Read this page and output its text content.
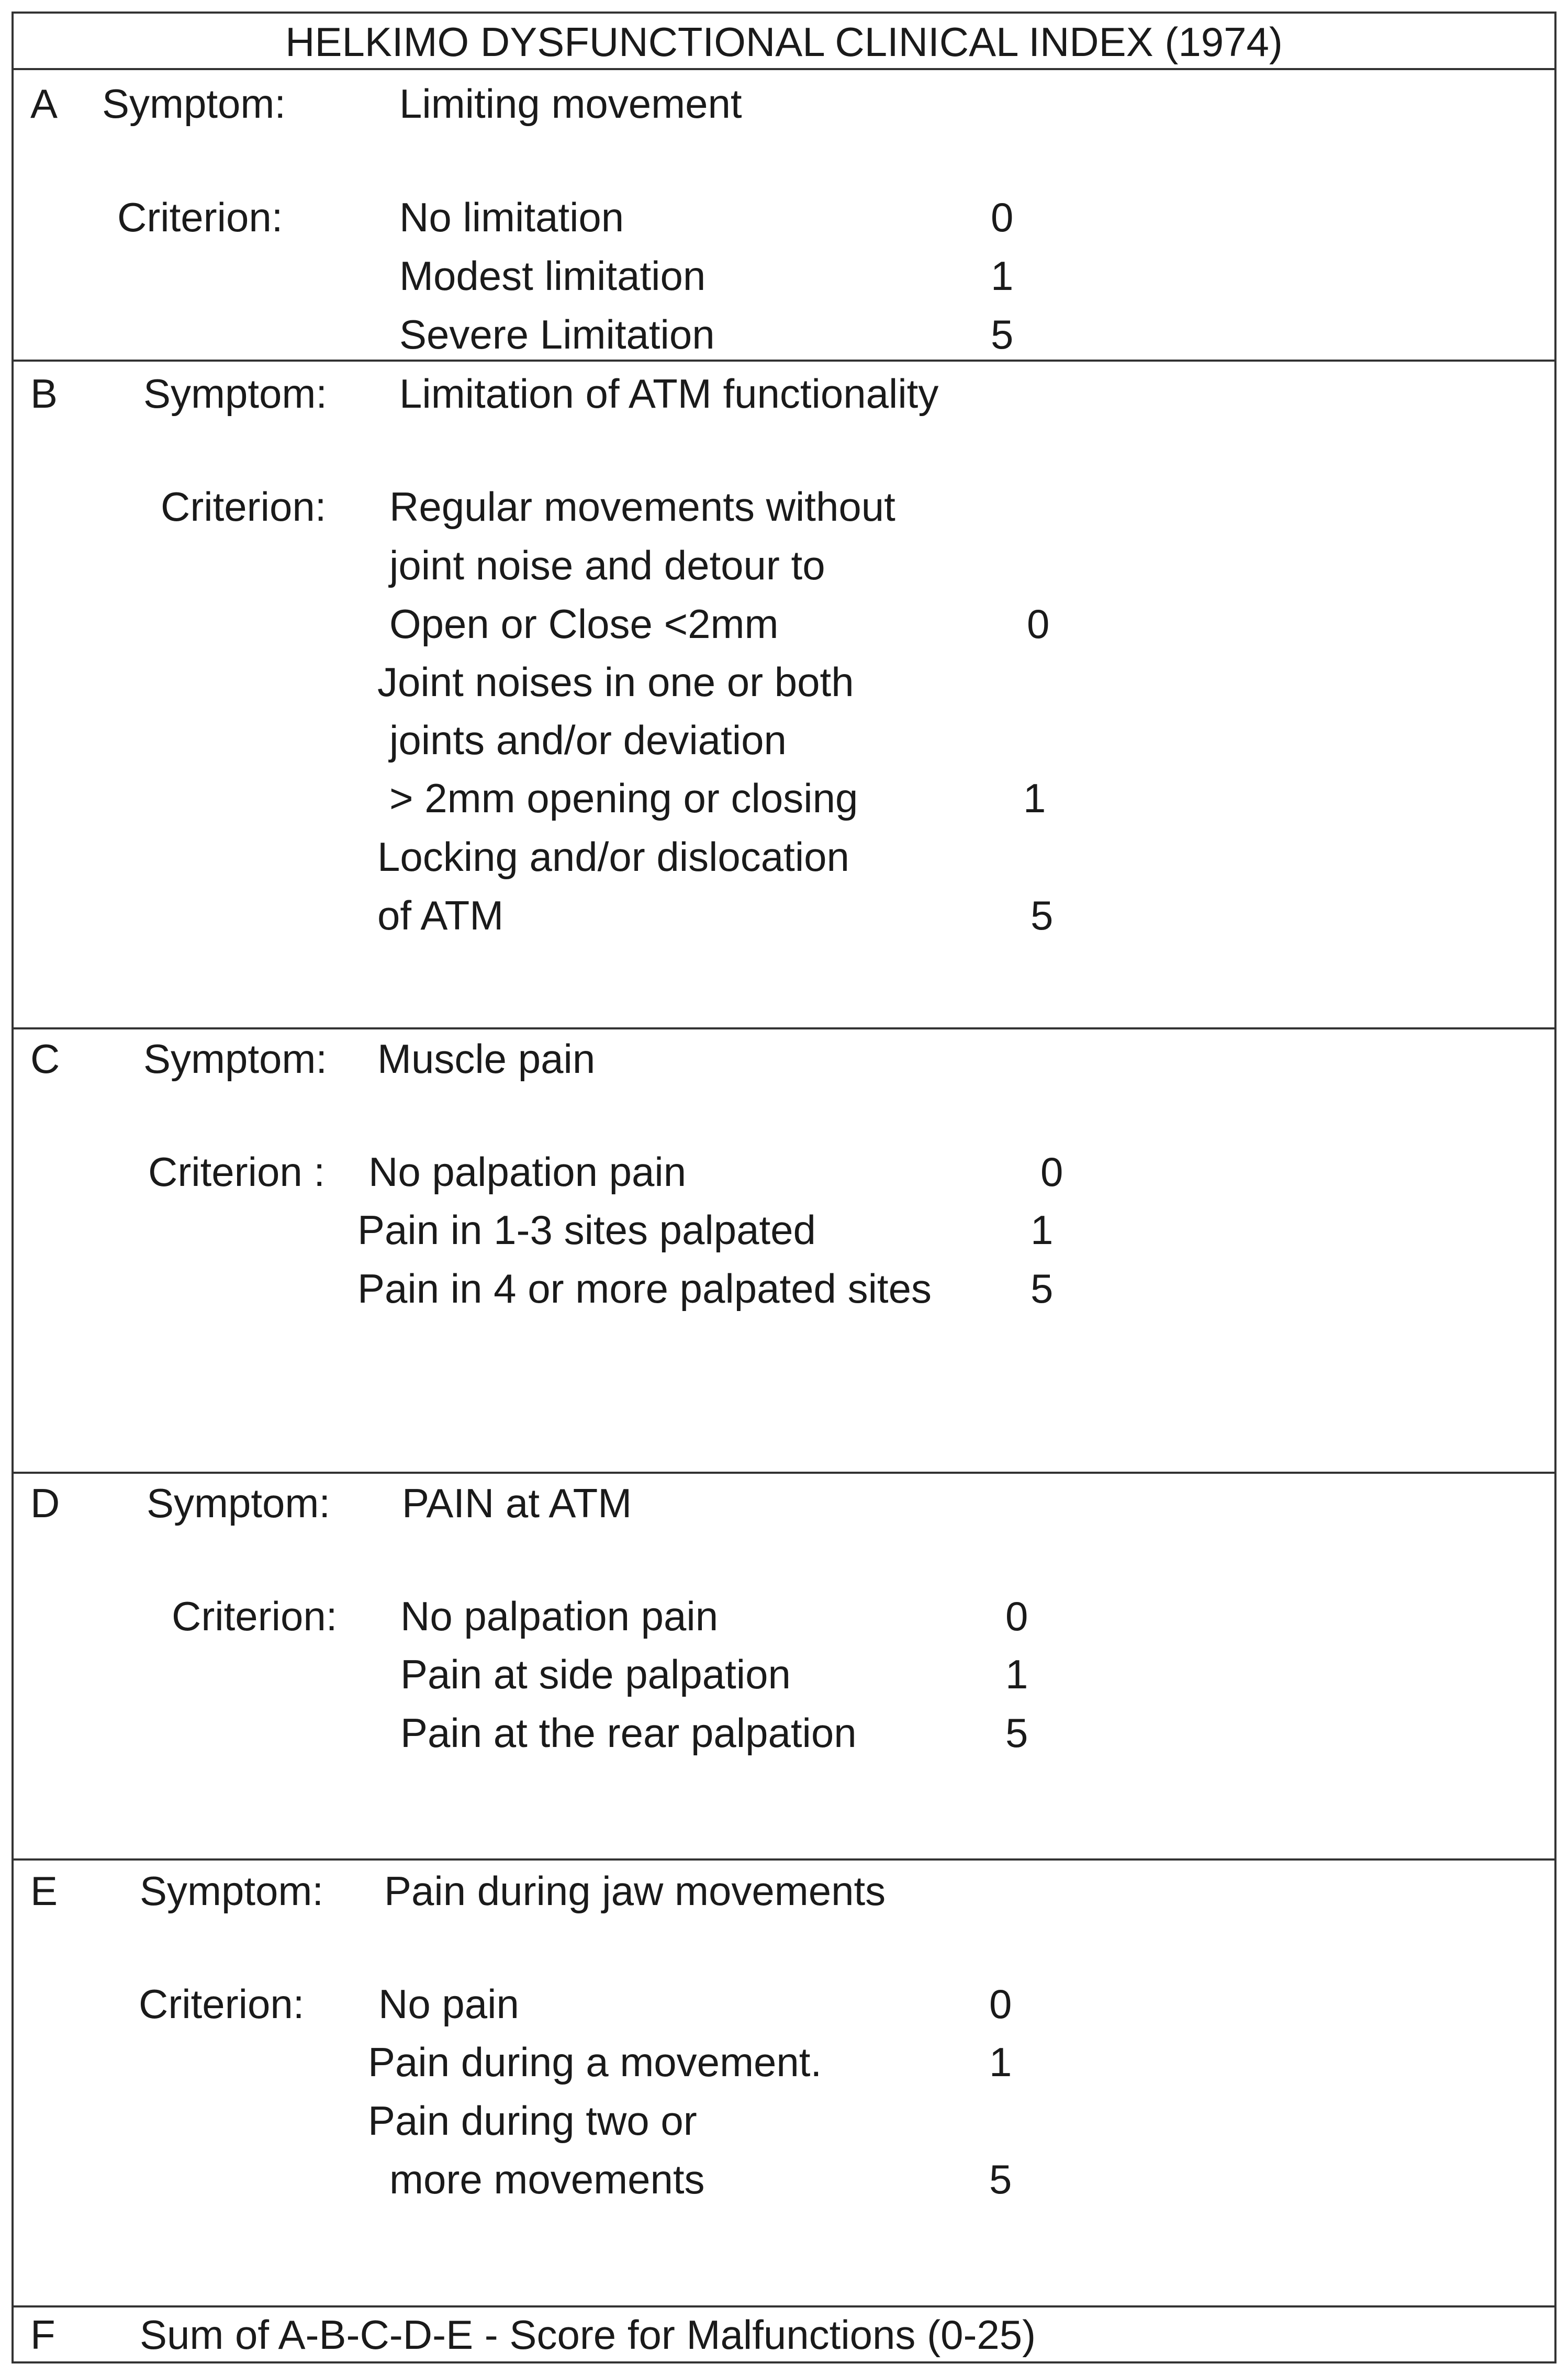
HELKIMO DYSFUNCTIONAL CLINICAL INDEX (1974)
A Symptom:	Limiting movement
Criterion:	No limitation	0
Modest limitation	1
Severe Limitation	5
B Symptom: Limitation of ATM functionality
Criterion: Regular movements without
joint noise and detour to
Open or Close <2mm	0
Joint noises in one or both
joints and/or deviation
> 2mm opening or closing	1
Locking and/or dislocation
of ATM	5
C Symptom: Muscle pain
Criterion : No palpation pain	0
Pain in 1-3 sites palpated	1
Pain in 4 or more palpated sites 5
D Symptom: PAIN at ATM
Criterion: No palpation pain	0
Pain at side palpation	1
Pain at the rear palpation	5
E Symptom: Pain during jaw movements
Criterion: No pain	0
Pain during a movement.	1
Pain during two or
more movements	5
F Sum of A-B-C-D-E - Score for Malfunctions (0-25)
